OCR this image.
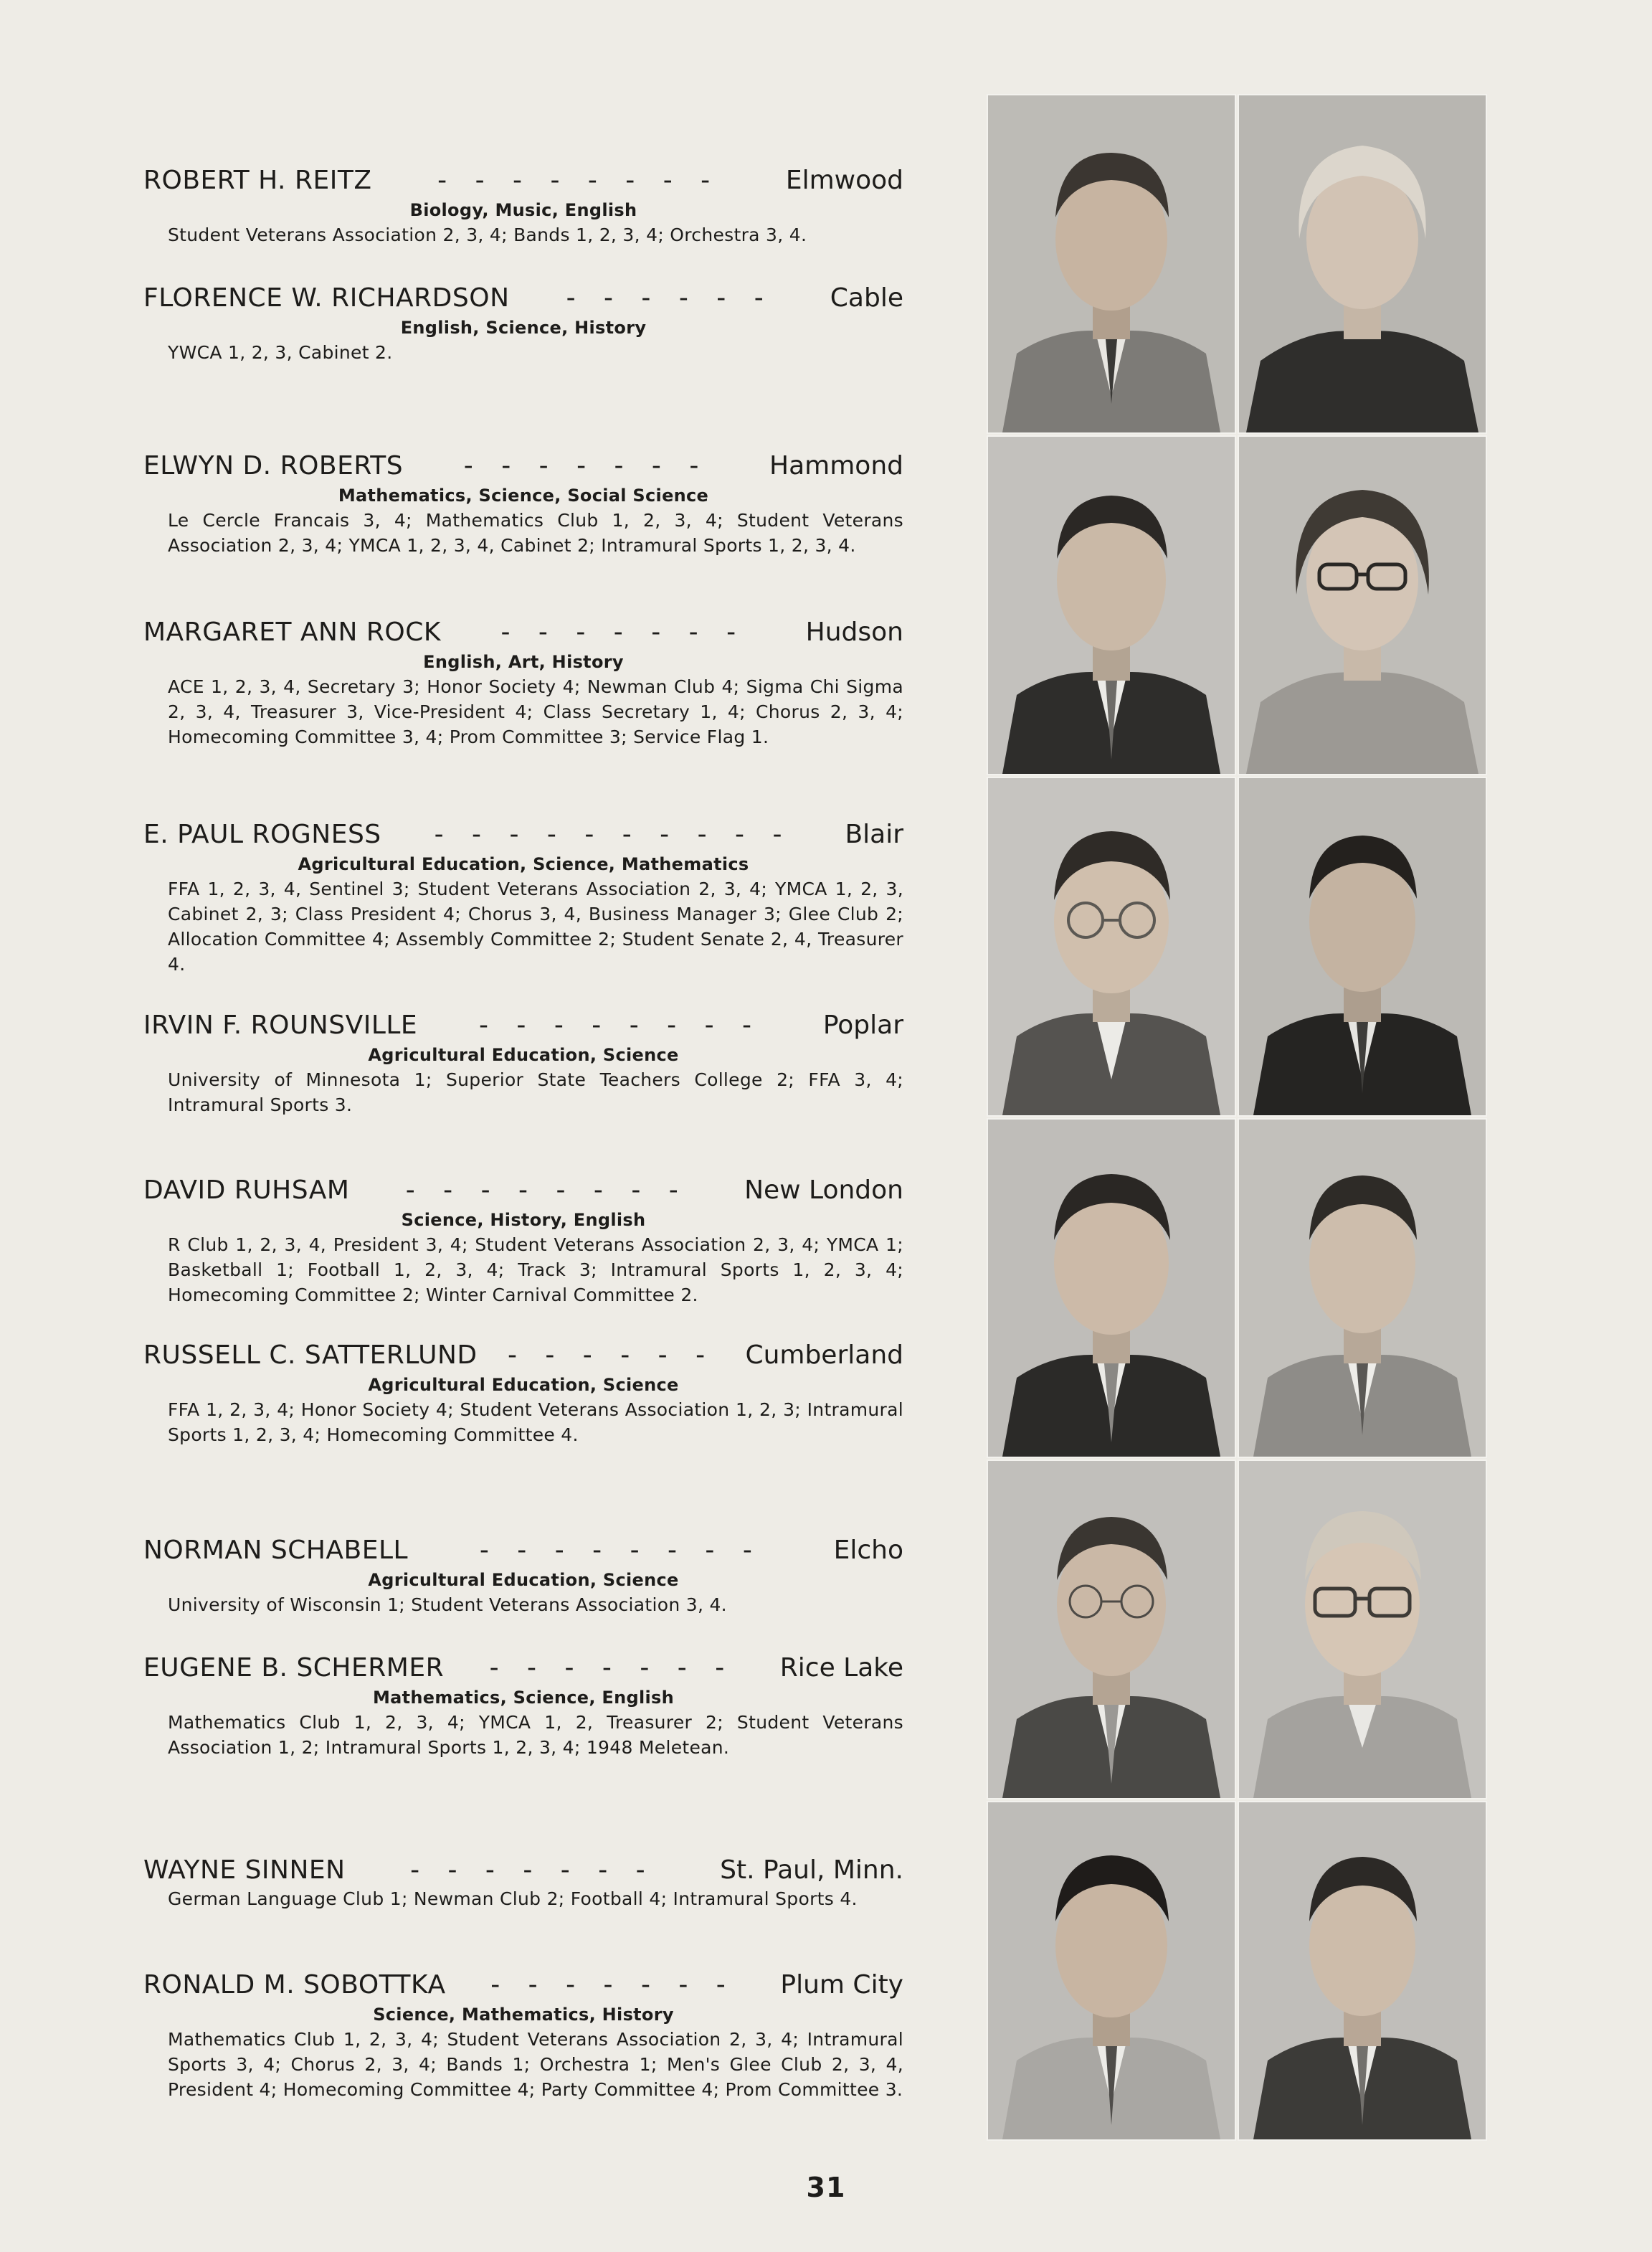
ROBERT H. REITZ	- - - - - - - -	Elmwood
Biology, Music, English
Student Veterans Association 2, 3, 4; Bands 1, 2, 3, 4; Orchestra 3, 4.
FLORENCE W. RICHARDSON	- - - - - -	Cable
English, Science, History
YWCA 1, 2, 3, Cabinet 2.
ELWYN D. ROBERTS	- - - - - - -	Hammond
Mathematics, Science, Social Science
Le Cercle Francais 3, 4; Mathematics Club 1, 2, 3, 4; Student Veterans Association 2, 3, 4; YMCA 1, 2, 3, 4, Cabinet 2; Intramural Sports 1, 2, 3, 4.
MARGARET ANN ROCK	- - - - - - -	Hudson
English, Art, History
ACE 1, 2, 3, 4, Secretary 3; Honor Society 4; Newman Club 4; Sigma Chi Sigma 2, 3, 4, Treasurer 3, Vice-President 4; Class Secretary 1, 4; Chorus 2, 3, 4; Homecoming Committee 3, 4; Prom Committee 3; Service Flag 1.
E. PAUL ROGNESS	- - - - - - - - - -	Blair
Agricultural Education, Science, Mathematics
FFA 1, 2, 3, 4, Sentinel 3; Student Veterans Association 2, 3, 4; YMCA 1, 2, 3, Cabinet 2, 3; Class President 4; Chorus 3, 4, Business Manager 3; Glee Club 2; Allocation Committee 4; Assembly Committee 2; Student Senate 2, 4, Treasurer 4.
IRVIN F. ROUNSVILLE	- - - - - - - -	Poplar
Agricultural Education, Science
University of Minnesota 1; Superior State Teachers College 2; FFA 3, 4; Intramural Sports 3.
DAVID RUHSAM	- - - - - - - -	New London
Science, History, English
R Club 1, 2, 3, 4, President 3, 4; Student Veterans Association 2, 3, 4; YMCA 1; Basketball 1; Football 1, 2, 3, 4; Track 3; Intramural Sports 1, 2, 3, 4; Homecoming Committee 2; Winter Carnival Committee 2.
RUSSELL C. SATTERLUND	- - - - - -	Cumberland
Agricultural Education, Science
FFA 1, 2, 3, 4; Honor Society 4; Student Veterans Association 1, 2, 3; Intramural Sports 1, 2, 3, 4; Homecoming Committee 4.
NORMAN SCHABELL	- - - - - - - -	Elcho
Agricultural Education, Science
University of Wisconsin 1; Student Veterans Association 3, 4.
EUGENE B. SCHERMER	- - - - - - -	Rice Lake
Mathematics, Science, English
Mathematics Club 1, 2, 3, 4; YMCA 1, 2, Treasurer 2; Student Veterans Association 1, 2; Intramural Sports 1, 2, 3, 4; 1948 Meletean.
WAYNE SINNEN	- - - - - - -	St. Paul, Minn.
German Language Club 1; Newman Club 2; Football 4; Intramural Sports 4.
RONALD M. SOBOTTKA	- - - - - - -	Plum City
Science, Mathematics, History
Mathematics Club 1, 2, 3, 4; Student Veterans Association 2, 3, 4; Intramural Sports 3, 4; Chorus 2, 3, 4; Bands 1; Orchestra 1; Men's Glee Club 2, 3, 4, President 4; Homecoming Committee 4; Party Committee 4; Prom Committee 3.
31
